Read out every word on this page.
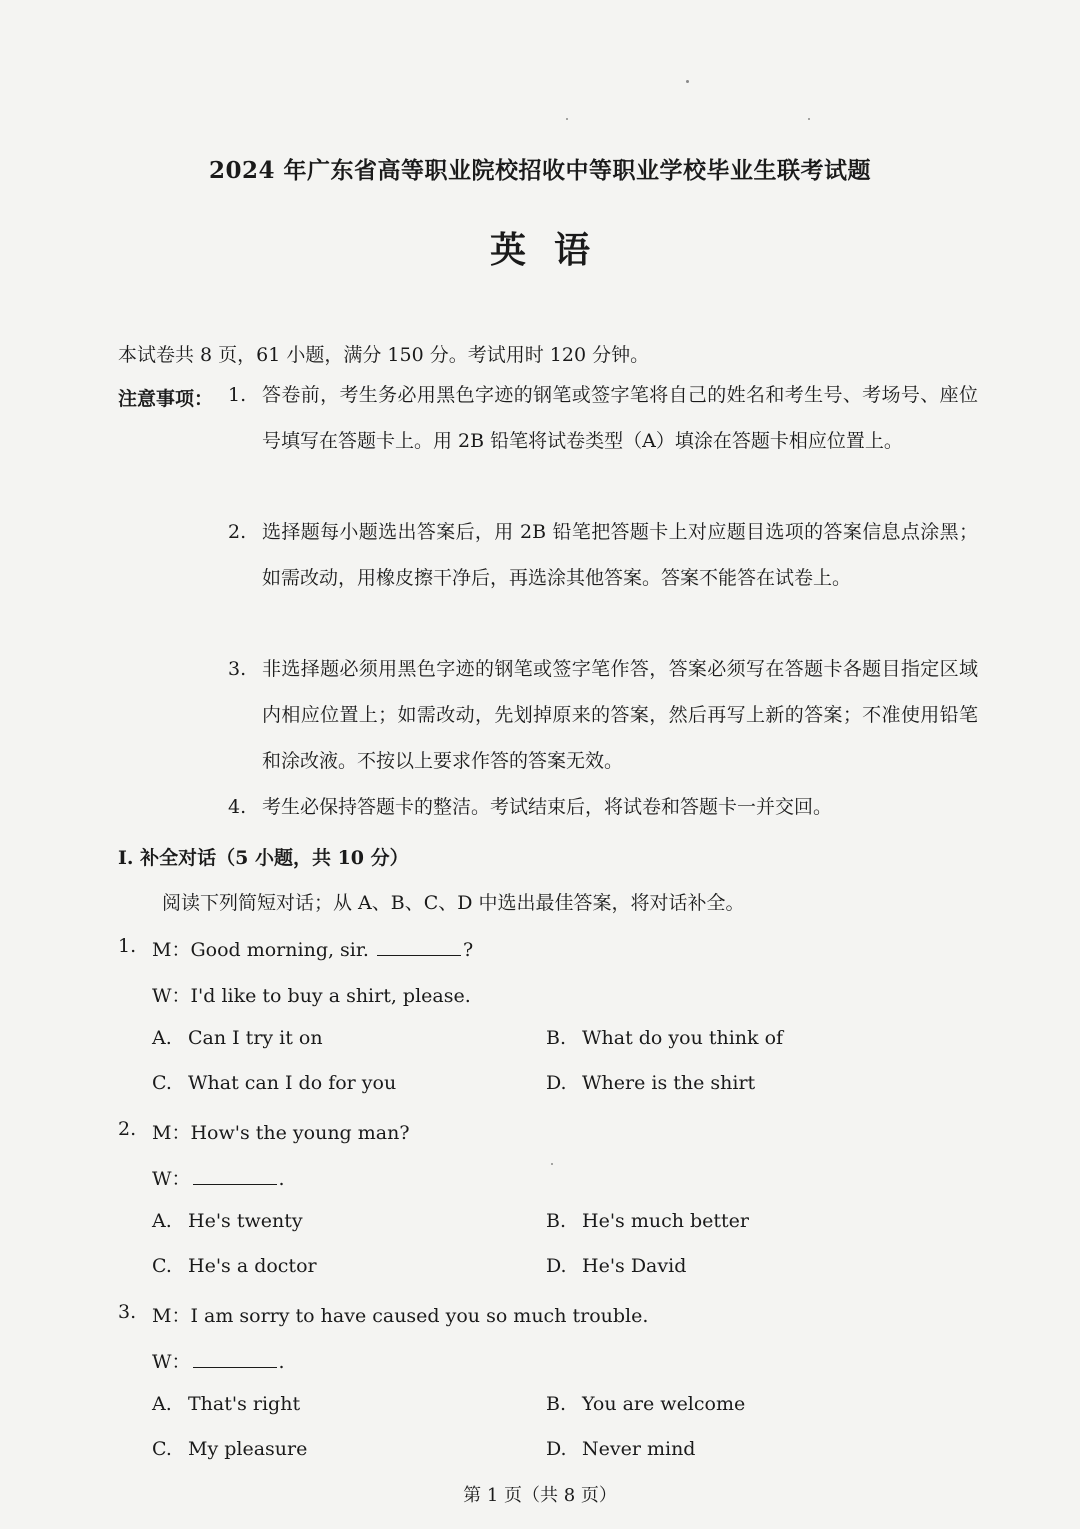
2024 年广东省高等职业院校招收中等职业学校毕业生联考试题
英语
本试卷共 8 页，61 小题，满分 150 分。考试用时 120 分钟。
注意事项： 1. 答卷前，考生务必用黑色字迹的钢笔或签字笔将自己的姓名和考生号、考场号、座位号填写在答题卡上。用 2B 铅笔将试卷类型（A）填涂在答题卡相应位置上。
2. 选择题每小题选出答案后，用 2B 铅笔把答题卡上对应题目选项的答案信息点涂黑；如需改动，用橡皮擦干净后，再选涂其他答案。答案不能答在试卷上。
3. 非选择题必须用黑色字迹的钢笔或签字笔作答，答案必须写在答题卡各题目指定区域内相应位置上；如需改动，先划掉原来的答案，然后再写上新的答案；不准使用铅笔和涂改液。不按以上要求作答的答案无效。
4. 考生必保持答题卡的整洁。考试结束后，将试卷和答题卡一并交回。
I. 补全对话（5 小题，共 10 分）
阅读下列简短对话；从 A、B、C、D 中选出最佳答案，将对话补全。
1. M：Good morning, sir.	?
W：I'd like to buy a shirt, please.
A. Can I try it on	B. What do you think of
C. What can I do for you	D. Where is the shirt
2. M：How's the young man?
W：	.
A. He's twenty	B. He's much better
C. He's a doctor	D. He's David
3. M：I am sorry to have caused you so much trouble.
W：	.
A. That's right	B. You are welcome
C. My pleasure	D. Never mind
第 1 页（共 8 页）
